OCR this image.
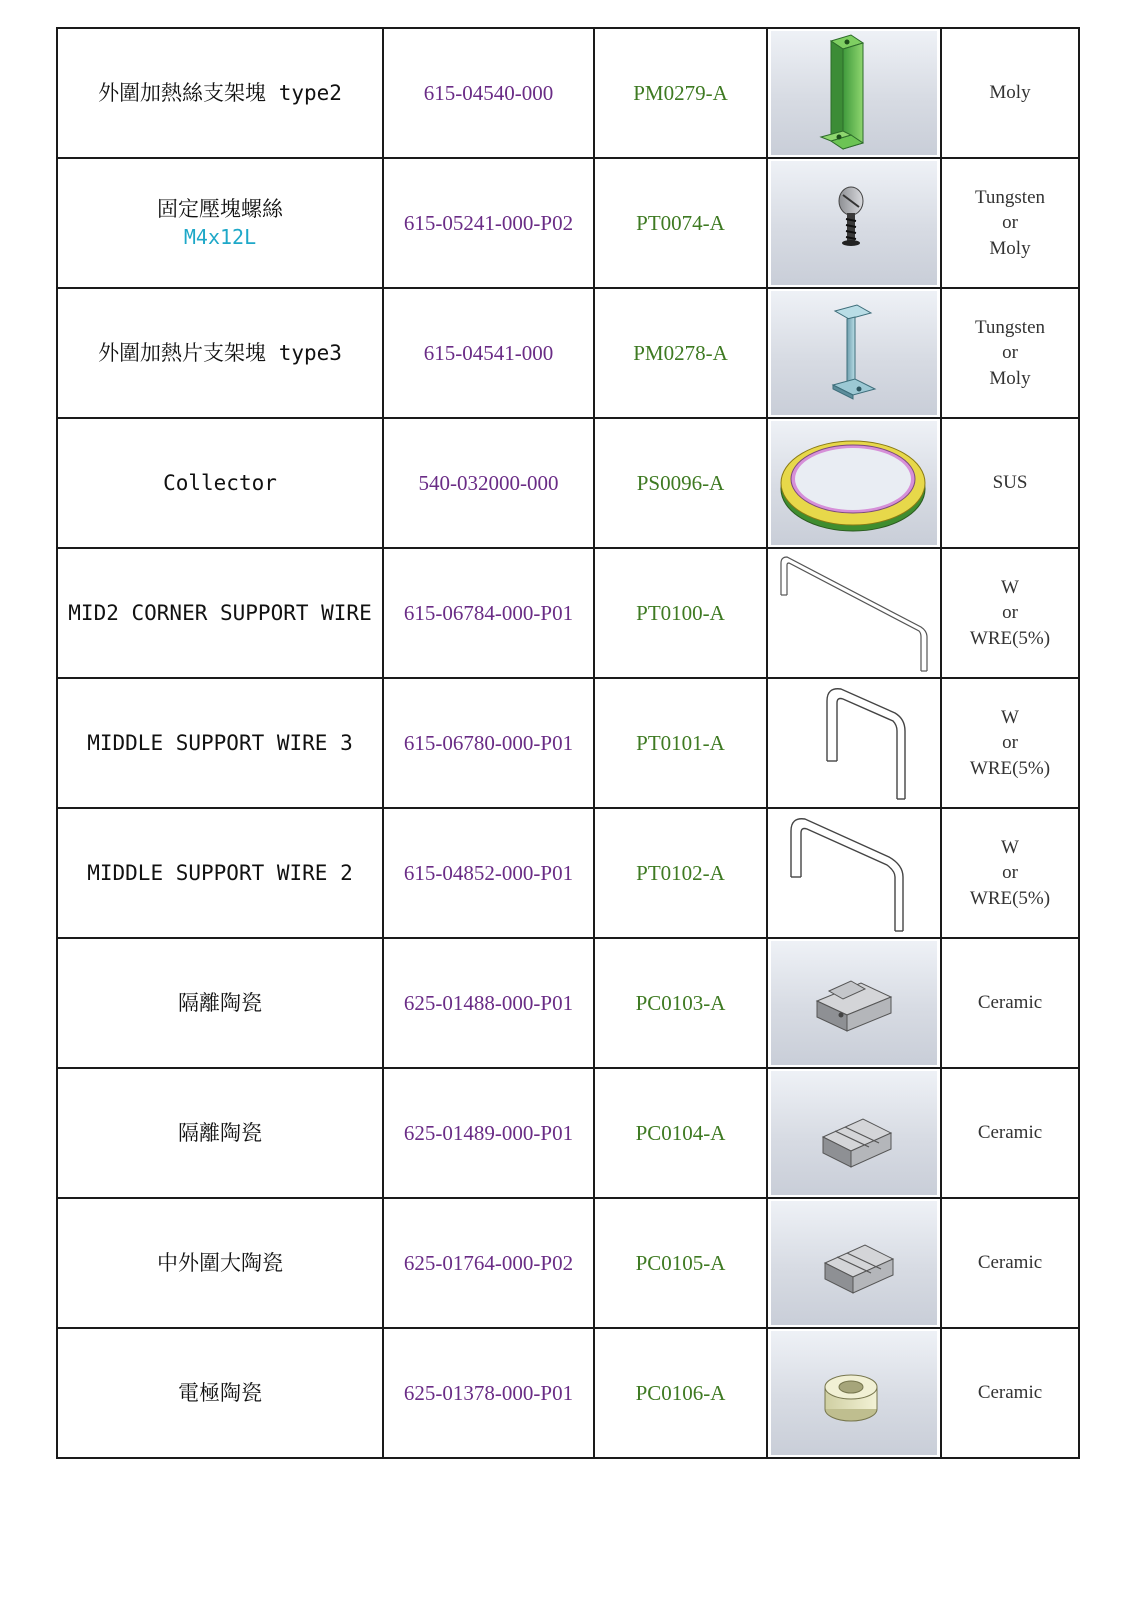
外圍加熱絲支架塊 type2	615-04540-000	PM0279-A		Moly

固定壓塊螺絲
M4x12L	615-05241-000-P02	PT0074-A		Tungsten
or
Moly

外圍加熱片支架塊 type3	615-04541-000	PM0278-A		Tungsten
or
Moly

Collector	540-032000-000	PS0096-A		SUS

MID2 CORNER SUPPORT WIRE	615-06784-000-P01	PT0100-A		W
or
WRE(5%)

MIDDLE SUPPORT WIRE 3	615-06780-000-P01	PT0101-A		W
or
WRE(5%)

MIDDLE SUPPORT WIRE 2	615-04852-000-P01	PT0102-A		W
or
WRE(5%)

隔離陶瓷	625-01488-000-P01	PC0103-A		Ceramic

隔離陶瓷	625-01489-000-P01	PC0104-A		Ceramic

中外圍大陶瓷	625-01764-000-P02	PC0105-A		Ceramic

電極陶瓷	625-01378-000-P01	PC0106-A		Ceramic
